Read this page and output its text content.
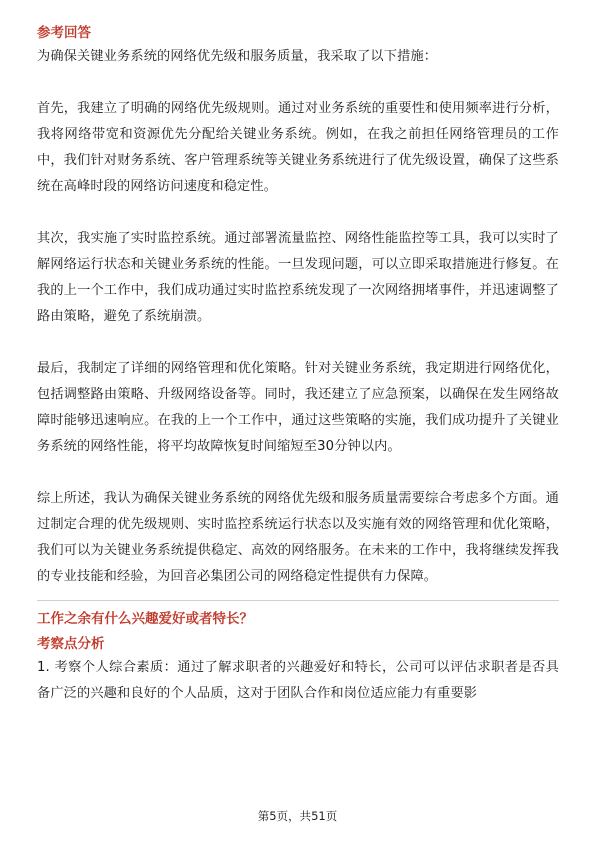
参考回答

为确保关键业务系统的网络优先级和服务质量，我采取了以下措施：

首先，我建立了明确的网络优先级规则。通过对业务系统的重要性和使用频率进行分析，我将网络带宽和资源优先分配给关键业务系统。例如，在我之前担任网络管理员的工作中，我们针对财务系统、客户管理系统等关键业务系统进行了优先级设置，确保了这些系统在高峰时段的网络访问速度和稳定性。

其次，我实施了实时监控系统。通过部署流量监控、网络性能监控等工具，我可以实时了解网络运行状态和关键业务系统的性能。一旦发现问题，可以立即采取措施进行修复。在我的上一个工作中，我们成功通过实时监控系统发现了一次网络拥堵事件，并迅速调整了路由策略，避免了系统崩溃。

最后，我制定了详细的网络管理和优化策略。针对关键业务系统，我定期进行网络优化，包括调整路由策略、升级网络设备等。同时，我还建立了应急预案，以确保在发生网络故障时能够迅速响应。在我的上一个工作中，通过这些策略的实施，我们成功提升了关键业务系统的网络性能，将平均故障恢复时间缩短至30分钟以内。

综上所述，我认为确保关键业务系统的网络优先级和服务质量需要综合考虑多个方面。通过制定合理的优先级规则、实时监控系统运行状态以及实施有效的网络管理和优化策略，我们可以为关键业务系统提供稳定、高效的网络服务。在未来的工作中，我将继续发挥我的专业技能和经验，为回音必集团公司的网络稳定性提供有力保障。

工作之余有什么兴趣爱好或者特长？

考察点分析

1. 考察个人综合素质：通过了解求职者的兴趣爱好和特长，公司可以评估求职者是否具备广泛的兴趣和良好的个人品质，这对于团队合作和岗位适应能力有重要影

第5页，共51页
